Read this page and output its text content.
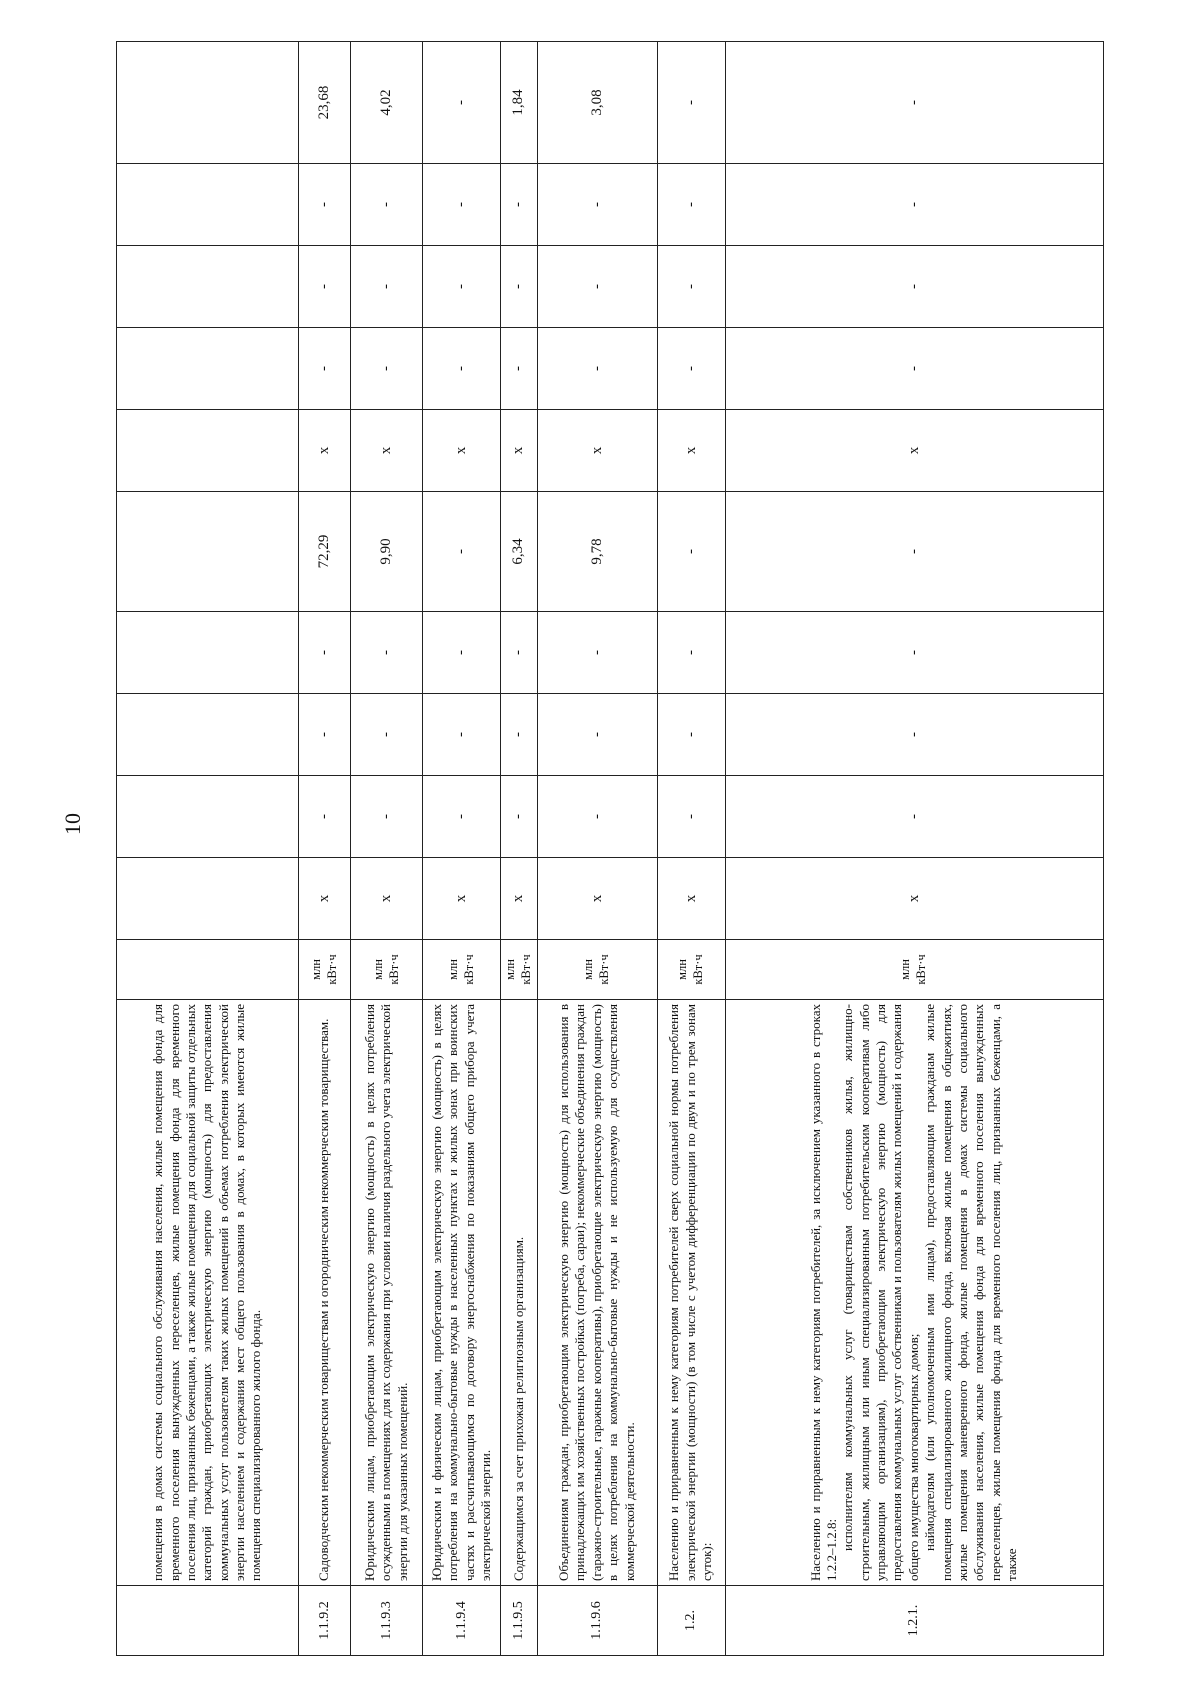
10

	помещения в домах системы социального обслуживания населения, жилые помещения фонда для временного поселения вынужденных переселенцев, жилые помещения фонда для временного поселения лиц, признанных беженцами, а также жилые помещения для социальной защиты отдельных категорий граждан, приобретающих электрическую энергию (мощность) для предоставления коммунальных услуг пользователям таких жилых помещений в объемах потребления электрической энергии населением и содержания мест общего пользования в домах, в которых имеются жилые помещения специализированного жилого фонда.											

1.1.9.2	Садоводческим некоммерческим товариществам и огородническим некоммерческим товариществам.	млн кВт·ч	x	-	-	-	72,29	x	-	-	-	23,68
1.1.9.3	Юридическим лицам, приобретающим электрическую энергию (мощность) в целях потребления осужденными в помещениях для их содержания при условии наличия раздельного учета электрической энергии для указанных помещений.	млн кВт·ч	x	-	-	-	9,90	x	-	-	-	4,02
1.1.9.4	Юридическим и физическим лицам, приобретающим электрическую энергию (мощность) в целях потребления на коммунально-бытовые нужды в населенных пунктах и жилых зонах при воинских частях и рассчитывающимся по договору энергоснабжения по показаниям общего прибора учета электрической энергии.	млн кВт·ч	x	-	-	-	-	x	-	-	-	-
1.1.9.5	Содержащимся за счет прихожан религиозным организациям.	млн кВт·ч	x	-	-	-	6,34	x	-	-	-	1,84
1.1.9.6	Объединениям граждан, приобретающим электрическую энергию (мощность) для использования в принадлежащих им хозяйственных постройках (погреба, сараи); некоммерческие объединения граждан (гаражно-строительные, гаражные кооперативы), приобретающие электрическую энергию (мощность) в целях потребления на коммунально-бытовые нужды и не используемую для осуществления коммерческой деятельности.	млн кВт·ч	x	-	-	-	9,78	x	-	-	-	3,08
1.2.	Населению и приравненным к нему категориям потребителей сверх социальной нормы потребления электрической энергии (мощности) (в том числе с учетом дифференциации по двум и по трем зонам суток):	млн кВт·ч	x	-	-	-	-	x	-	-	-	-
1.2.1.	Населению и приравненным к нему категориям потребителей, за исключением указанного в строках 1.2.2–1.2.8: исполнителям коммунальных услуг (товариществам собственников жилья, жилищно-строительным, жилищным или иным специализированным потребительским кооперативам либо управляющим организациям), приобретающим электрическую энергию (мощность) для предоставления коммунальных услуг собственникам и пользователям жилых помещений и содержания общего имущества многоквартирных домов; наймодателям (или уполномоченным ими лицам), предоставляющим гражданам жилые помещения специализированного жилищного фонда, включая жилые помещения в общежитиях, жилые помещения маневренного фонда, жилые помещения в домах системы социального обслуживания населения, жилые помещения фонда для временного поселения вынужденных переселенцев, жилые помещения фонда для временного поселения лиц, признанных беженцами, а также	млн кВт·ч	x	-	-	-	-	x	-	-	-	-
